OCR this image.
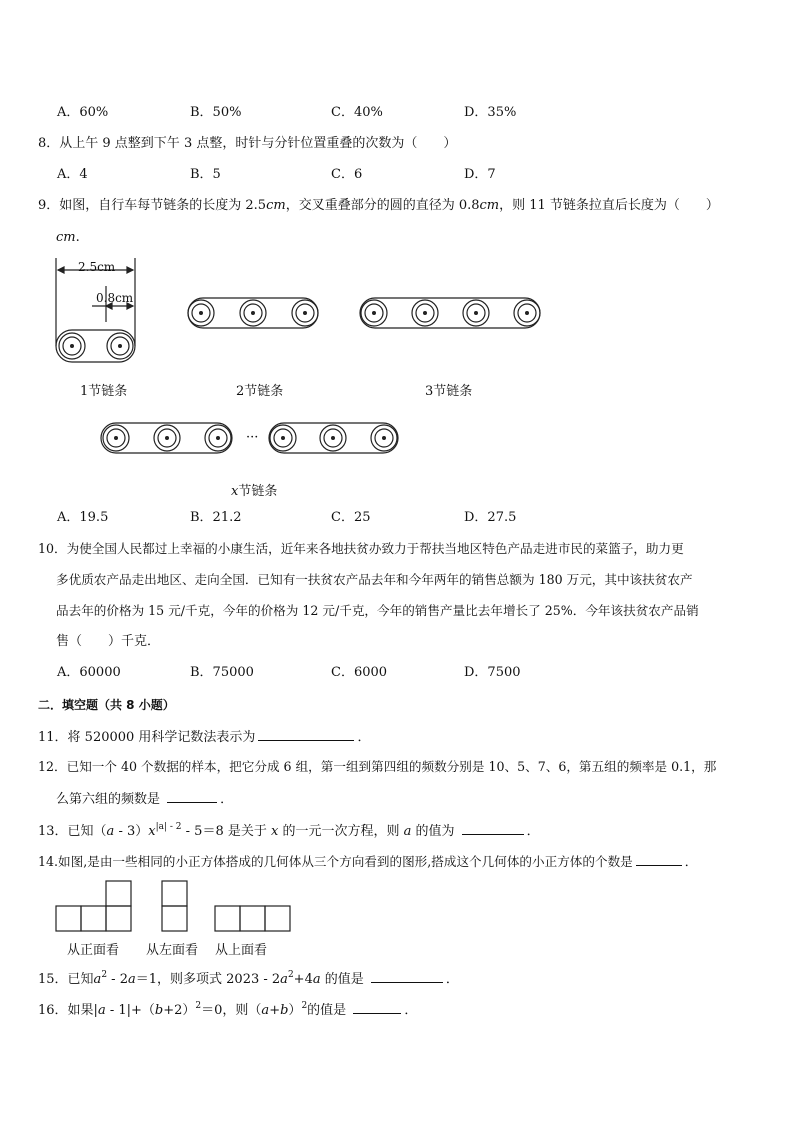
A．60%	B．50%	C．40%	D．35%
8．从上午 9 点整到下午 3 点整，时针与分针位置重叠的次数为（　　）
A．4	B．5	C．6	D．7
9．如图，自行车每节链条的长度为 2.5cm，交叉重叠部分的圆的直径为 0.8cm，则 11 节链条拉直后长度为（　　）
cm.
2.5cm
0.8cm
1节链条	2节链条	3节链条
···
x节链条
A．19.5	B．21.2	C．25	D．27.5
10．为使全国人民都过上幸福的小康生活，近年来各地扶贫办致力于帮扶当地区特色产品走进市民的菜篮子，助力更
多优质农产品走出地区、走向全国．已知有一扶贫农产品去年和今年两年的销售总额为 180 万元，其中该扶贫农产
品去年的价格为 15 元/千克，今年的价格为 12 元/千克，今年的销售产量比去年增长了 25%．今年该扶贫农产品销
售（　　）千克．
A．60000	B．75000	C．6000	D．7500
二．填空题（共 8 小题）
11．将 520000 用科学记数法表示为	．
12．已知一个 40 个数据的样本，把它分成 6 组，第一组到第四组的频数分别是 10、5、7、6，第五组的频率是 0.1，那
么第六组的频数是	．
13．已知$(a - 3)x^{|a| - 2} - 5=8$ 是关于 x 的一元一次方程，则 a 的值为	．
14.如图,是由一些相同的小正方体搭成的几何体从三个方向看到的图形,搭成这个几何体的小正方体的个数是	．
从正面看 从左面看 从上面看
15．已知$a^2 - 2a=1$，则多项式 $2023 - 2a^2+4a$ 的值是	．
16．如果$|a - 1|+(b+2)^2=0$，则$(a+b)^2$的值是	．
